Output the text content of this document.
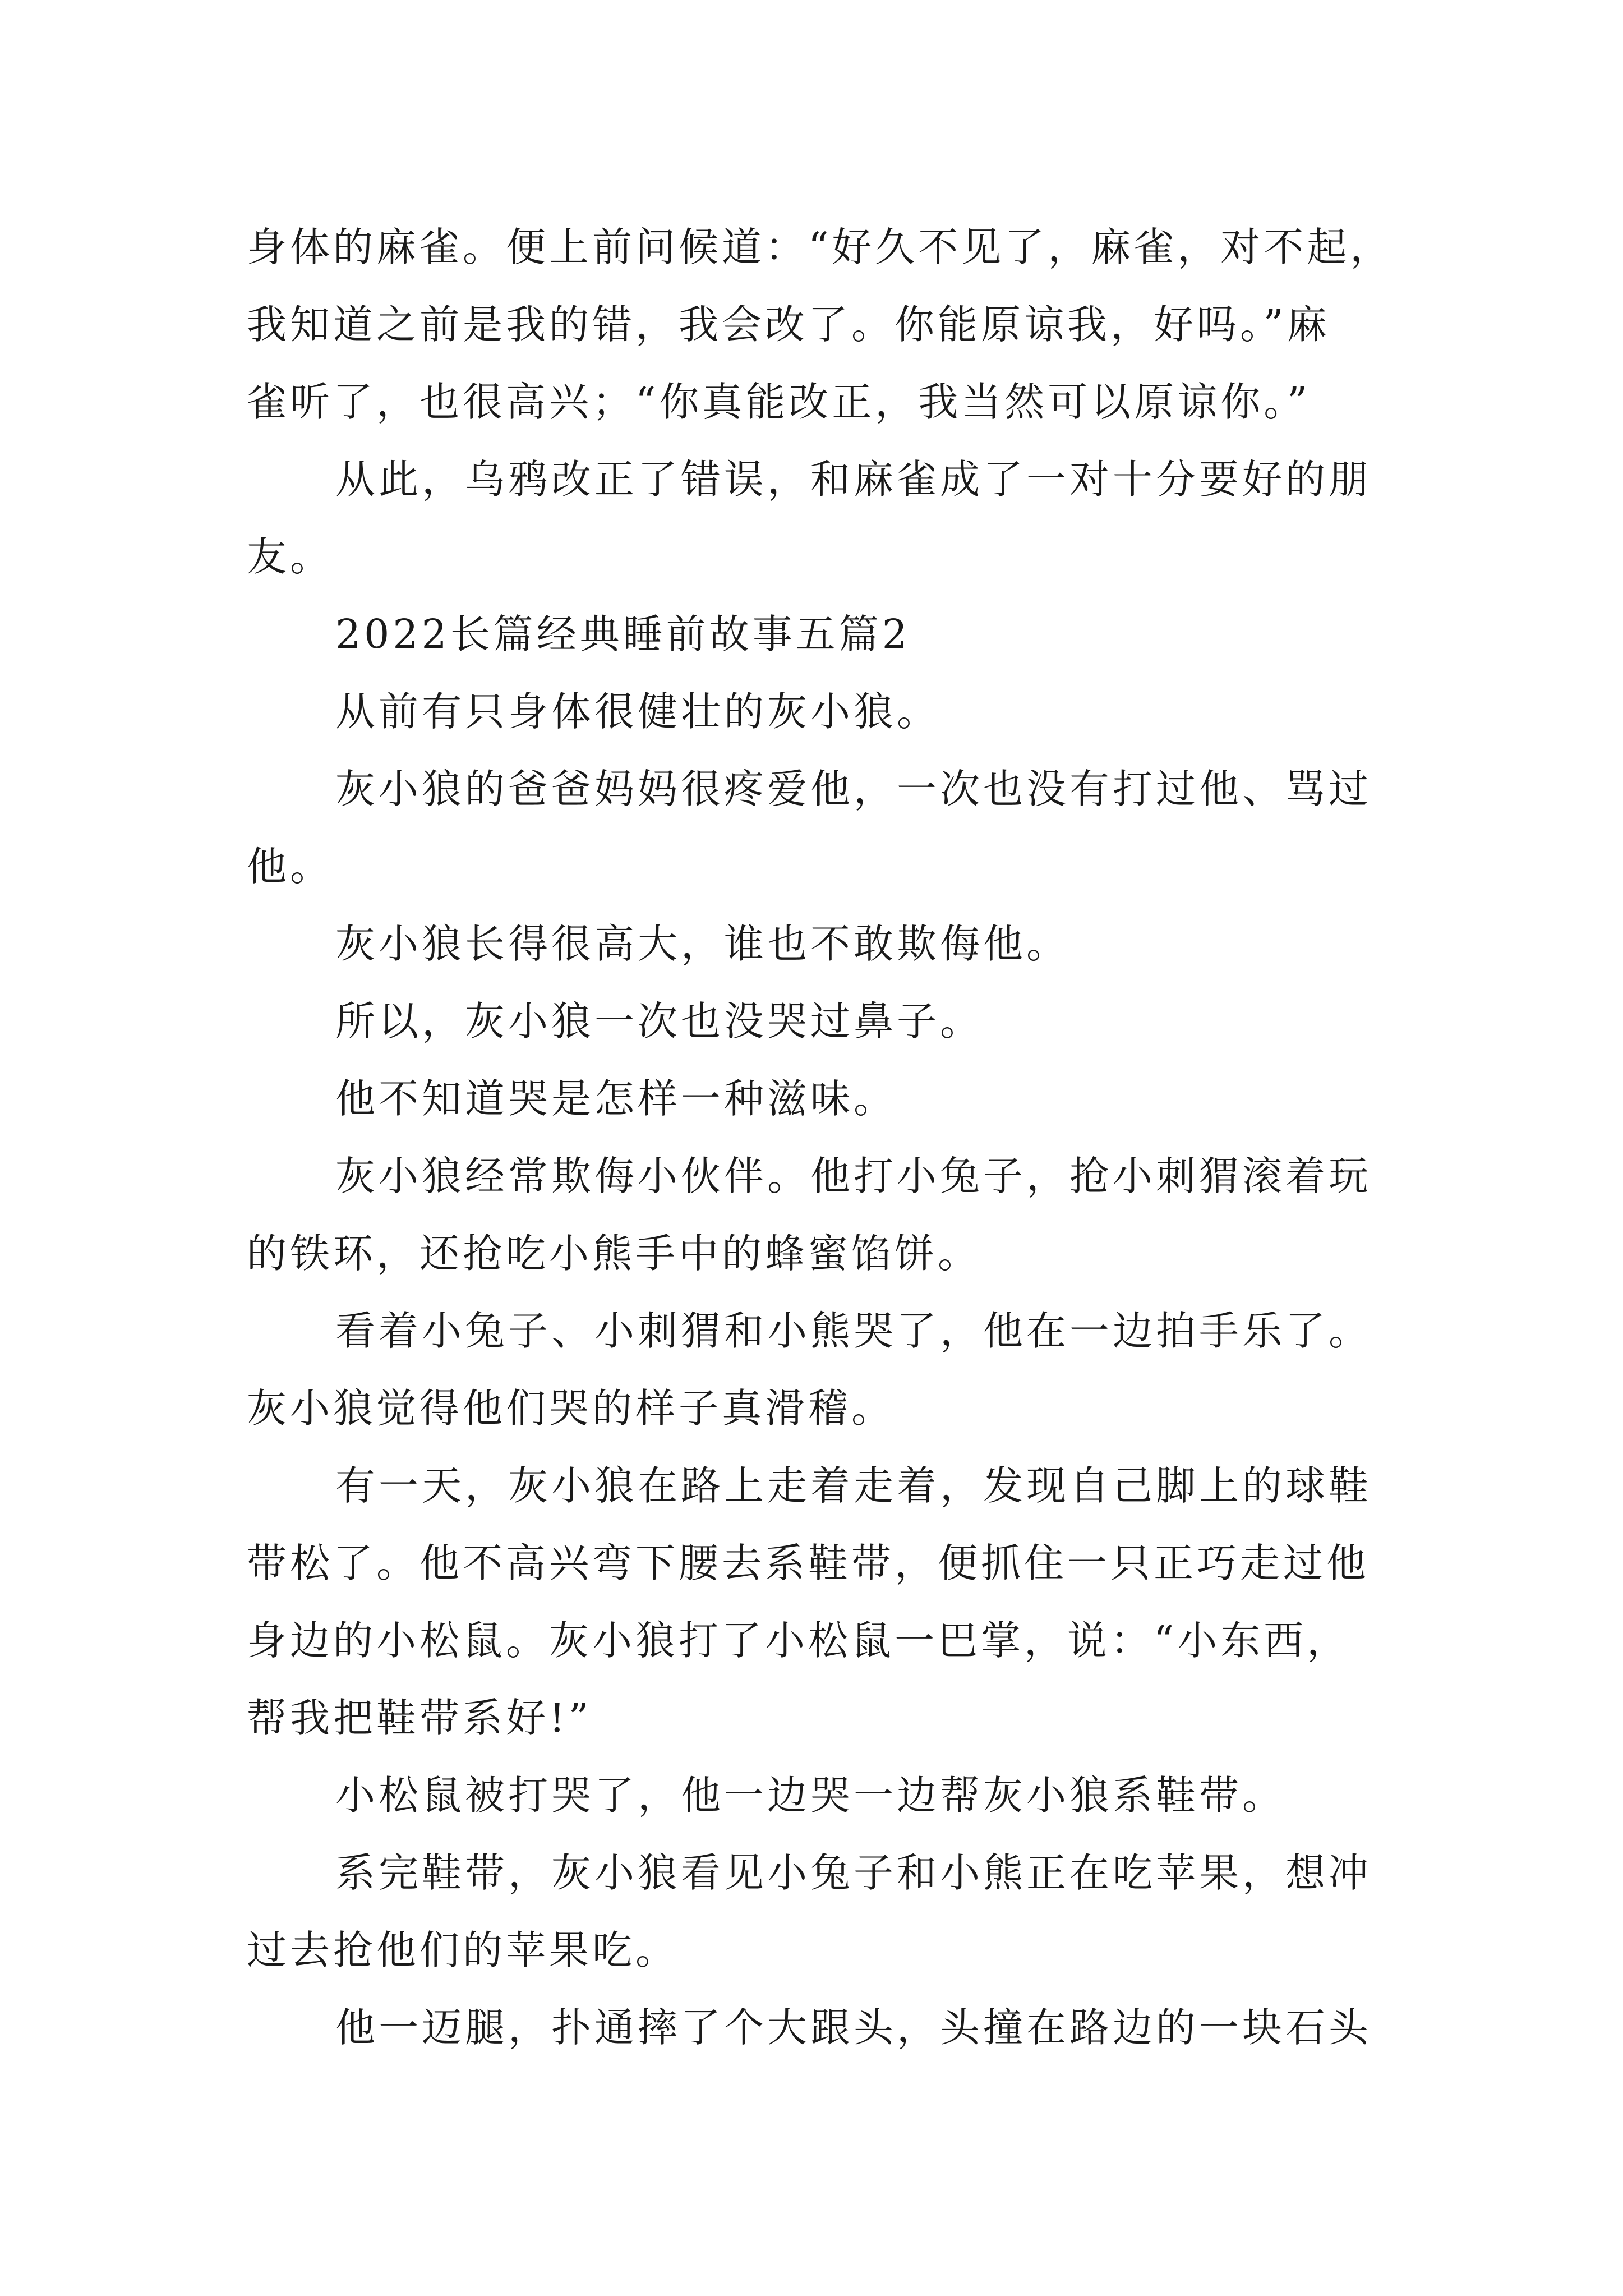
身体的麻雀。便上前问候道：“好久不见了，麻雀，对不起，
我知道之前是我的错，我会改了。你能原谅我，好吗。”麻
雀听了，也很高兴；“你真能改正，我当然可以原谅你。”
从此，乌鸦改正了错误，和麻雀成了一对十分要好的朋
友。
2022长篇经典睡前故事五篇2
从前有只身体很健壮的灰小狼。
灰小狼的爸爸妈妈很疼爱他，一次也没有打过他、骂过
他。
灰小狼长得很高大，谁也不敢欺侮他。
所以，灰小狼一次也没哭过鼻子。
他不知道哭是怎样一种滋味。
灰小狼经常欺侮小伙伴。他打小兔子，抢小刺猬滚着玩
的铁环，还抢吃小熊手中的蜂蜜馅饼。
看着小兔子、小刺猬和小熊哭了，他在一边拍手乐了。
灰小狼觉得他们哭的样子真滑稽。
有一天，灰小狼在路上走着走着，发现自己脚上的球鞋
带松了。他不高兴弯下腰去系鞋带，便抓住一只正巧走过他
身边的小松鼠。灰小狼打了小松鼠一巴掌，说：“小东西，
帮我把鞋带系好!”
小松鼠被打哭了，他一边哭一边帮灰小狼系鞋带。
系完鞋带，灰小狼看见小兔子和小熊正在吃苹果，想冲
过去抢他们的苹果吃。
他一迈腿，扑通摔了个大跟头，头撞在路边的一块石头
